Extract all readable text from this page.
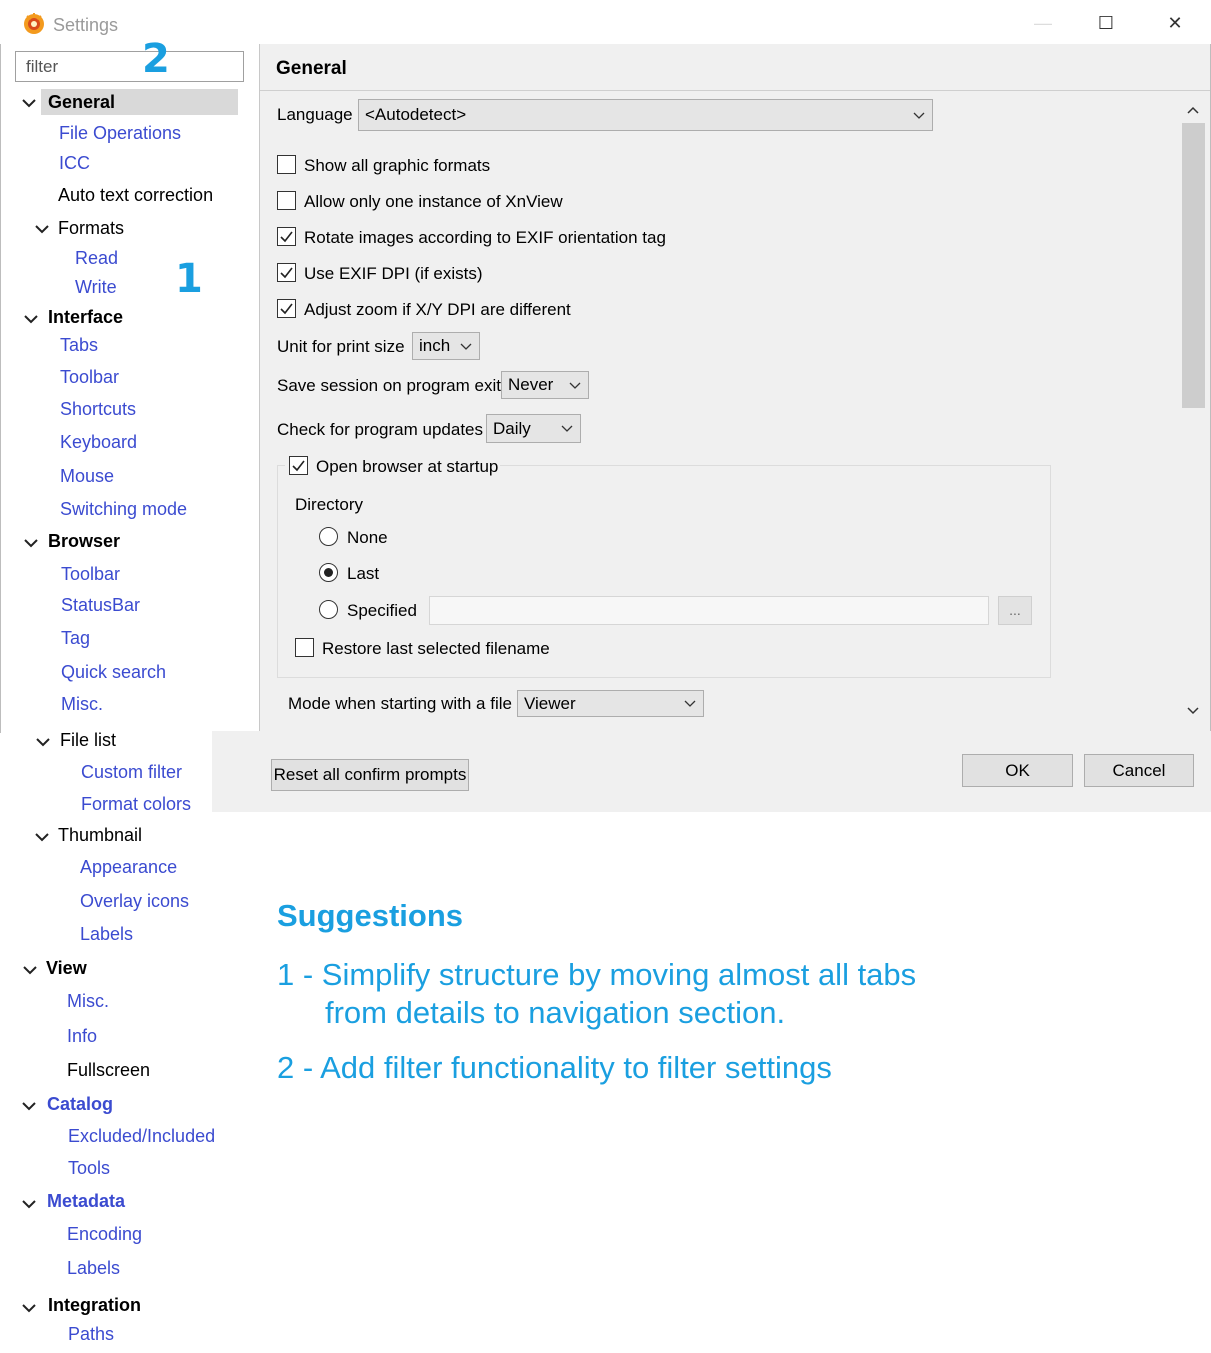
Settings	—	☐	✕
filter
2
General
File Operations
ICC
Auto text correction
Formats
Read
Write 1
Interface
Tabs
Toolbar
Shortcuts
Keyboard
Mouse
Switching mode
Browser
Toolbar
StatusBar
Tag
Quick search
Misc.
File list
Custom filter
Format colors
Thumbnail
Appearance
Overlay icons
Labels
View
Misc.
Info
Fullscreen
Catalog
Excluded/Included
Tools
Metadata
Encoding
Labels
Integration
Paths
General
Language <Autodetect>
Show all graphic formats
Allow only one instance of XnView
Rotate images according to EXIF orientation tag
Use EXIF DPI (if exists)
Adjust zoom if X/Y DPI are different
Unit for print size inch
Save session on program exit Never
Check for program updates Daily
Open browser at startup
Directory
None
Last
Specified	...
Restore last selected filename
Mode when starting with a file Viewer
Reset all confirm prompts	OK	Cancel
Suggestions
1 - Simplify structure by moving almost all tabs
from details to navigation section.
2 - Add filter functionality to filter settings
